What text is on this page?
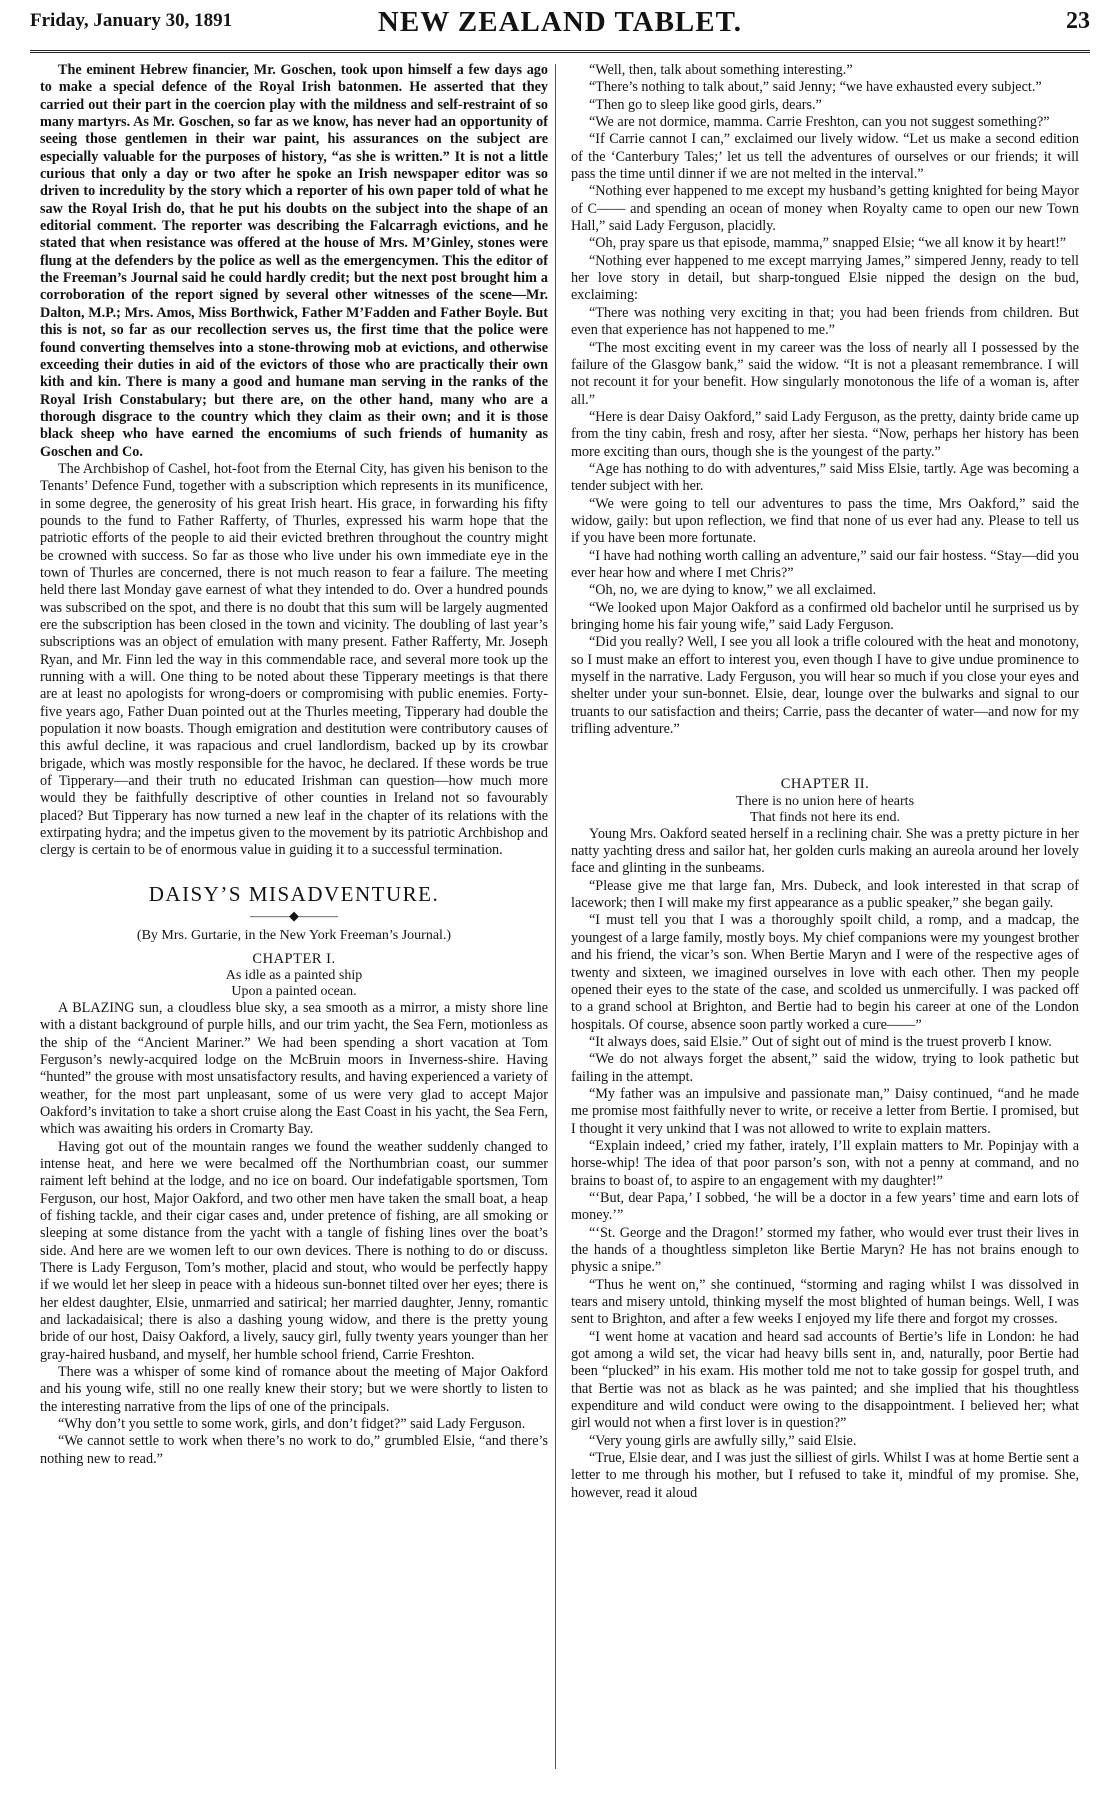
Friday, January 30, 1891	NEW ZEALAND TABLET.	23

The eminent Hebrew financier, Mr. Goschen, took upon himself a few days ago to make a special defence of the Royal Irish batonmen. He asserted that they carried out their part in the coercion play with the mildness and self-restraint of so many martyrs. As Mr. Goschen, so far as we know, has never had an opportunity of seeing those gentlemen in their war paint, his assurances on the subject are especially valuable for the purposes of history, “as she is written.” It is not a little curious that only a day or two after he spoke an Irish newspaper editor was so driven to incredulity by the story which a reporter of his own paper told of what he saw the Royal Irish do, that he put his doubts on the subject into the shape of an editorial comment. The reporter was describing the Falcarragh evictions, and he stated that when resistance was offered at the house of Mrs. M’Ginley, stones were flung at the defenders by the police as well as the emergencymen. This the editor of the Freeman’s Journal said he could hardly credit; but the next post brought him a corroboration of the report signed by several other witnesses of the scene—Mr. Dalton, M.P.; Mrs. Amos, Miss Borthwick, Father M’Fadden and Father Boyle. But this is not, so far as our recollection serves us, the first time that the police were found converting themselves into a stone-throwing mob at evictions, and otherwise exceeding their duties in aid of the evictors of those who are practically their own kith and kin. There is many a good and humane man serving in the ranks of the Royal Irish Constabulary; but there are, on the other hand, many who are a thorough disgrace to the country which they claim as their own; and it is those black sheep who have earned the encomiums of such friends of humanity as Goschen and Co.

The Archbishop of Cashel, hot-foot from the Eternal City, has given his benison to the Tenants’ Defence Fund, together with a subscription which represents in its munificence, in some degree, the generosity of his great Irish heart. His grace, in forwarding his fifty pounds to the fund to Father Rafferty, of Thurles, expressed his warm hope that the patriotic efforts of the people to aid their evicted brethren throughout the country might be crowned with success. So far as those who live under his own immediate eye in the town of Thurles are concerned, there is not much reason to fear a failure. The meeting held there last Monday gave earnest of what they intended to do. Over a hundred pounds was subscribed on the spot, and there is no doubt that this sum will be largely augmented ere the subscription has been closed in the town and vicinity. The doubling of last year’s subscriptions was an object of emulation with many present. Father Rafferty, Mr. Joseph Ryan, and Mr. Finn led the way in this commendable race, and several more took up the running with a will. One thing to be noted about these Tipperary meetings is that there are at least no apologists for wrong-doers or compromising with public enemies. Forty-five years ago, Father Duan pointed out at the Thurles meeting, Tipperary had double the population it now boasts. Though emigration and destitution were contributory causes of this awful decline, it was rapacious and cruel landlordism, backed up by its crowbar brigade, which was mostly responsible for the havoc, he declared. If these words be true of Tipperary—and their truth no educated Irishman can question—how much more would they be faithfully descriptive of other counties in Ireland not so favourably placed? But Tipperary has now turned a new leaf in the chapter of its relations with the extirpating hydra; and the impetus given to the movement by its patriotic Archbishop and clergy is certain to be of enormous value in guiding it to a successful termination.

DAISY’S MISADVENTURE.
———◆———
(By Mrs. Gurtarie, in the New York Freeman’s Journal.)
CHAPTER I.
As idle as a painted ship
Upon a painted ocean.

A BLAZING sun, a cloudless blue sky, a sea smooth as a mirror, a misty shore line with a distant background of purple hills, and our trim yacht, the Sea Fern, motionless as the ship of the “Ancient Mariner.” We had been spending a short vacation at Tom Ferguson’s newly-acquired lodge on the McBruin moors in Inverness-shire. Having “hunted” the grouse with most unsatisfactory results, and having experienced a variety of weather, for the most part unpleasant, some of us were very glad to accept Major Oakford’s invitation to take a short cruise along the East Coast in his yacht, the Sea Fern, which was awaiting his orders in Cromarty Bay.

Having got out of the mountain ranges we found the weather suddenly changed to intense heat, and here we were becalmed off the Northumbrian coast, our summer raiment left behind at the lodge, and no ice on board. Our indefatigable sportsmen, Tom Ferguson, our host, Major Oakford, and two other men have taken the small boat, a heap of fishing tackle, and their cigar cases and, under pretence of fishing, are all smoking or sleeping at some distance from the yacht with a tangle of fishing lines over the boat’s side. And here are we women left to our own devices. There is nothing to do or discuss. There is Lady Ferguson, Tom’s mother, placid and stout, who would be perfectly happy if we would let her sleep in peace with a hideous sun-bonnet tilted over her eyes; there is her eldest daughter, Elsie, unmarried and satirical; her married daughter, Jenny, romantic and lackadaisical; there is also a dashing young widow, and there is the pretty young bride of our host, Daisy Oakford, a lively, saucy girl, fully twenty years younger than her gray-haired husband, and myself, her humble school friend, Carrie Freshton.

There was a whisper of some kind of romance about the meeting of Major Oakford and his young wife, still no one really knew their story; but we were shortly to listen to the interesting narrative from the lips of one of the principals.

“Why don’t you settle to some work, girls, and don’t fidget?” said Lady Ferguson.

“We cannot settle to work when there’s no work to do,” grumbled Elsie, “and there’s nothing new to read.”

“Well, then, talk about something interesting.”

“There’s nothing to talk about,” said Jenny; “we have exhausted every subject.”

“Then go to sleep like good girls, dears.”

“We are not dormice, mamma. Carrie Freshton, can you not suggest something?”

“If Carrie cannot I can,” exclaimed our lively widow. “Let us make a second edition of the ‘Canterbury Tales;’ let us tell the adventures of ourselves or our friends; it will pass the time until dinner if we are not melted in the interval.”

“Nothing ever happened to me except my husband’s getting knighted for being Mayor of C—— and spending an ocean of money when Royalty came to open our new Town Hall,” said Lady Ferguson, placidly.

“Oh, pray spare us that episode, mamma,” snapped Elsie; “we all know it by heart!”

“Nothing ever happened to me except marrying James,” simpered Jenny, ready to tell her love story in detail, but sharp-tongued Elsie nipped the design on the bud, exclaiming:

“There was nothing very exciting in that; you had been friends from children. But even that experience has not happened to me.”

“The most exciting event in my career was the loss of nearly all I possessed by the failure of the Glasgow bank,” said the widow. “It is not a pleasant remembrance. I will not recount it for your benefit. How singularly monotonous the life of a woman is, after all.”

“Here is dear Daisy Oakford,” said Lady Ferguson, as the pretty, dainty bride came up from the tiny cabin, fresh and rosy, after her siesta. “Now, perhaps her history has been more exciting than ours, though she is the youngest of the party.”

“Age has nothing to do with adventures,” said Miss Elsie, tartly. Age was becoming a tender subject with her.

“We were going to tell our adventures to pass the time, Mrs Oakford,” said the widow, gaily: but upon reflection, we find that none of us ever had any. Please to tell us if you have been more fortunate.

“I have had nothing worth calling an adventure,” said our fair hostess. “Stay—did you ever hear how and where I met Chris?”

“Oh, no, we are dying to know,” we all exclaimed.

“We looked upon Major Oakford as a confirmed old bachelor until he surprised us by bringing home his fair young wife,” said Lady Ferguson.

“Did you really? Well, I see you all look a trifle coloured with the heat and monotony, so I must make an effort to interest you, even though I have to give undue prominence to myself in the narrative. Lady Ferguson, you will hear so much if you close your eyes and shelter under your sun-bonnet. Elsie, dear, lounge over the bulwarks and signal to our truants to our satisfaction and theirs; Carrie, pass the decanter of water—and now for my trifling adventure.”

CHAPTER II.
There is no union here of hearts
That finds not here its end.

Young Mrs. Oakford seated herself in a reclining chair. She was a pretty picture in her natty yachting dress and sailor hat, her golden curls making an aureola around her lovely face and glinting in the sunbeams.

“Please give me that large fan, Mrs. Dubeck, and look interested in that scrap of lacework; then I will make my first appearance as a public speaker,” she began gaily.

“I must tell you that I was a thoroughly spoilt child, a romp, and a madcap, the youngest of a large family, mostly boys. My chief companions were my youngest brother and his friend, the vicar’s son. When Bertie Maryn and I were of the respective ages of twenty and sixteen, we imagined ourselves in love with each other. Then my people opened their eyes to the state of the case, and scolded us unmercifully. I was packed off to a grand school at Brighton, and Bertie had to begin his career at one of the London hospitals. Of course, absence soon partly worked a cure——”

“It always does, said Elsie.” Out of sight out of mind is the truest proverb I know.

“We do not always forget the absent,” said the widow, trying to look pathetic but failing in the attempt.

“My father was an impulsive and passionate man,” Daisy continued, “and he made me promise most faithfully never to write, or receive a letter from Bertie. I promised, but I thought it very unkind that I was not allowed to write to explain matters.

“Explain indeed,’ cried my father, irately, I’ll explain matters to Mr. Popinjay with a horse-whip! The idea of that poor parson’s son, with not a penny at command, and no brains to boast of, to aspire to an engagement with my daughter!”

“‘But, dear Papa,’ I sobbed, ‘he will be a doctor in a few years’ time and earn lots of money.’”

“‘St. George and the Dragon!’ stormed my father, who would ever trust their lives in the hands of a thoughtless simpleton like Bertie Maryn? He has not brains enough to physic a snipe.”

“Thus he went on,” she continued, “storming and raging whilst I was dissolved in tears and misery untold, thinking myself the most blighted of human beings. Well, I was sent to Brighton, and after a few weeks I enjoyed my life there and forgot my crosses.

“I went home at vacation and heard sad accounts of Bertie’s life in London: he had got among a wild set, the vicar had heavy bills sent in, and, naturally, poor Bertie had been “plucked” in his exam. His mother told me not to take gossip for gospel truth, and that Bertie was not as black as he was painted; and she implied that his thoughtless expenditure and wild conduct were owing to the disappointment. I believed her; what girl would not when a first lover is in question?”

“Very young girls are awfully silly,” said Elsie.

“True, Elsie dear, and I was just the silliest of girls. Whilst I was at home Bertie sent a letter to me through his mother, but I refused to take it, mindful of my promise. She, however, read it aloud
